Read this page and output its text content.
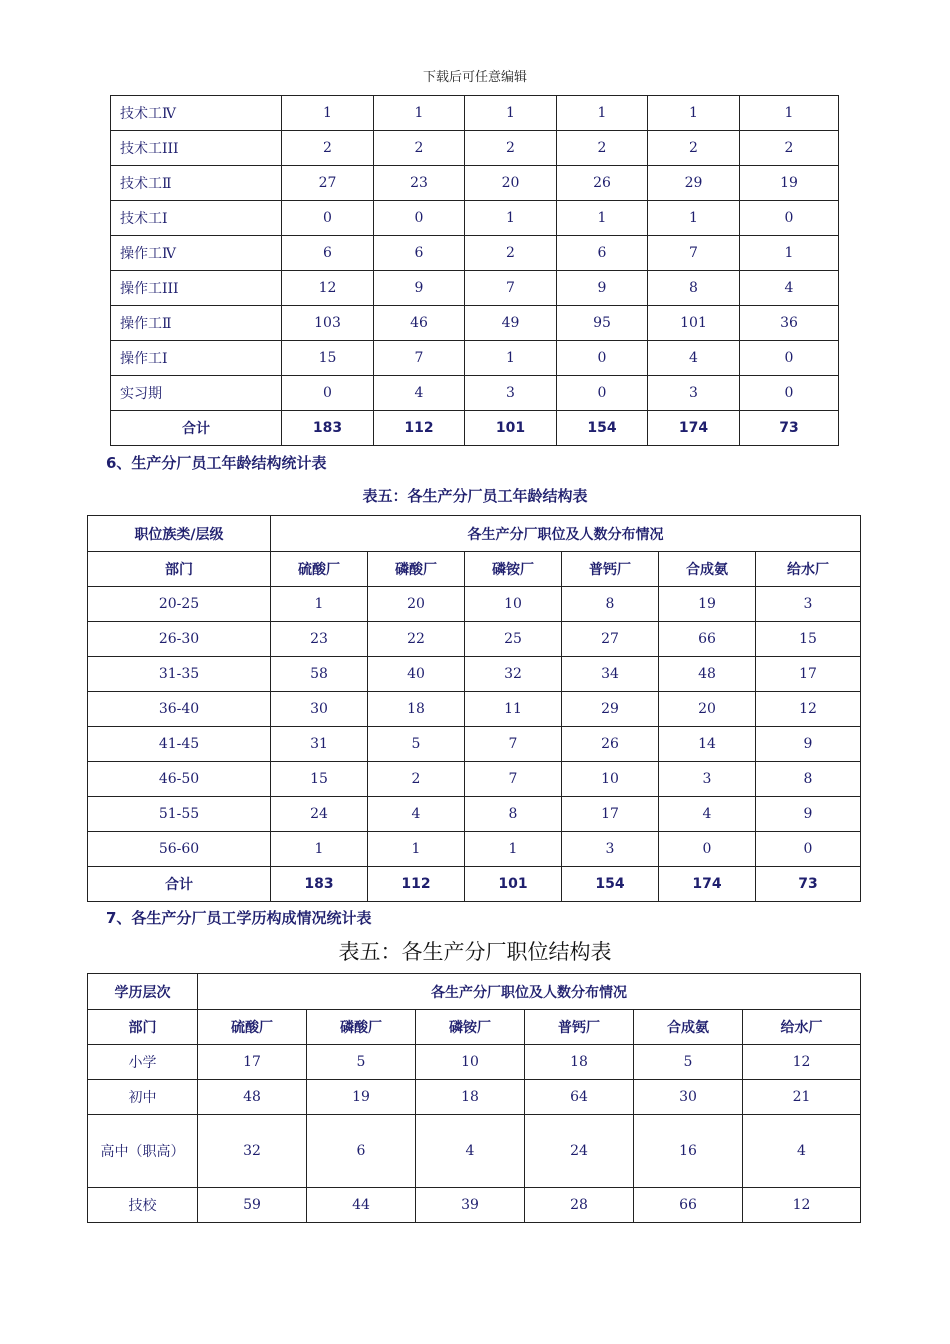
下载后可任意编辑
技术工Ⅳ	1	1	1	1	1	1
技术工III	2	2	2	2	2	2
技术工Ⅱ	27	23	20	26	29	19
技术工Ⅰ	0	0	1	1	1	0
操作工Ⅳ	6	6	2	6	7	1
操作工III	12	9	7	9	8	4
操作工Ⅱ	103	46	49	95	101	36
操作工Ⅰ	15	7	1	0	4	0
实习期	0	4	3	0	3	0
合计	183	112	101	154	174	73
6、生产分厂员工年龄结构统计表
表五：各生产分厂员工年龄结构表
职位族类/层级	各生产分厂职位及人数分布情况					
部门	硫酸厂	磷酸厂	磷铵厂	普钙厂	合成氨	给水厂
20-25	1	20	10	8	19	3
26-30	23	22	25	27	66	15
31-35	58	40	32	34	48	17
36-40	30	18	11	29	20	12
41-45	31	5	7	26	14	9
46-50	15	2	7	10	3	8
51-55	24	4	8	17	4	9
56-60	1	1	1	3	0	0
合计	183	112	101	154	174	73
7、各生产分厂员工学历构成情况统计表
表五：各生产分厂职位结构表
学历层次	各生产分厂职位及人数分布情况					
部门	硫酸厂	磷酸厂	磷铵厂	普钙厂	合成氨	给水厂
小学	17	5	10	18	5	12
初中	48	19	18	64	30	21
高中（职高）	32	6	4	24	16	4
技校	59	44	39	28	66	12
